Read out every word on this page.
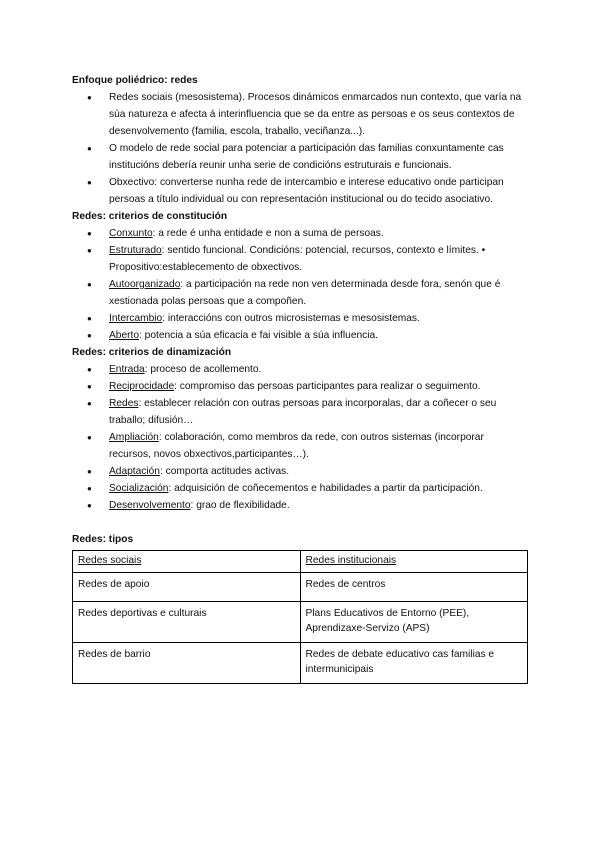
Enfoque poliédrico: redes

● Redes sociais (mesosistema). Procesos dinámicos enmarcados nun contexto, que varía na súa natureza e afecta á interinfluencia que se da entre as persoas e os seus contextos de desenvolvemento (familia, escola, traballo, veciñanza...).
● O modelo de rede social para potenciar a participación das familias conxuntamente cas institucións debería reunir unha serie de condicións estruturais e funcionais.
● Obxectivo: converterse nunha rede de intercambio e interese educativo onde participan persoas a título individual ou con representación institucional ou do tecido asociativo.

Redes: criterios de constitución

● Conxunto: a rede é unha entidade e non a suma de persoas.
● Estruturado: sentido funcional. Condicións: potencial, recursos, contexto e límites. • Propositivo:establecemento de obxectivos.
● Autoorganizado: a participación na rede non ven determinada desde fora, senón que é xestionada polas persoas que a compoñen.
● Intercambio: interaccións con outros microsistemas e mesosistemas.
● Aberto: potencia a súa eficacia e fai visible a súa influencia.

Redes: criterios de dinamización

● Entrada: proceso de acollemento.
● Reciprocidade: compromiso das persoas participantes para realizar o seguimento.
● Redes: establecer relación con outras persoas para incorporalas, dar a coñecer o seu traballo; difusión…
● Ampliación: colaboración, como membros da rede, con outros sistemas (incorporar recursos, novos obxectivos,participantes…).
● Adaptación: comporta actitudes activas.
● Socialización: adquisición de coñecementos e habilidades a partir da participación.
● Desenvolvemento: grao de flexibilidade.

Redes: tipos

Redes sociais	Redes institucionais
Redes de apoio	Redes de centros
Redes deportivas e culturais	Plans Educativos de Entorno (PEE), Aprendizaxe-Servizo (APS)
Redes de barrio	Redes de debate educativo cas familias e intermunicipais
